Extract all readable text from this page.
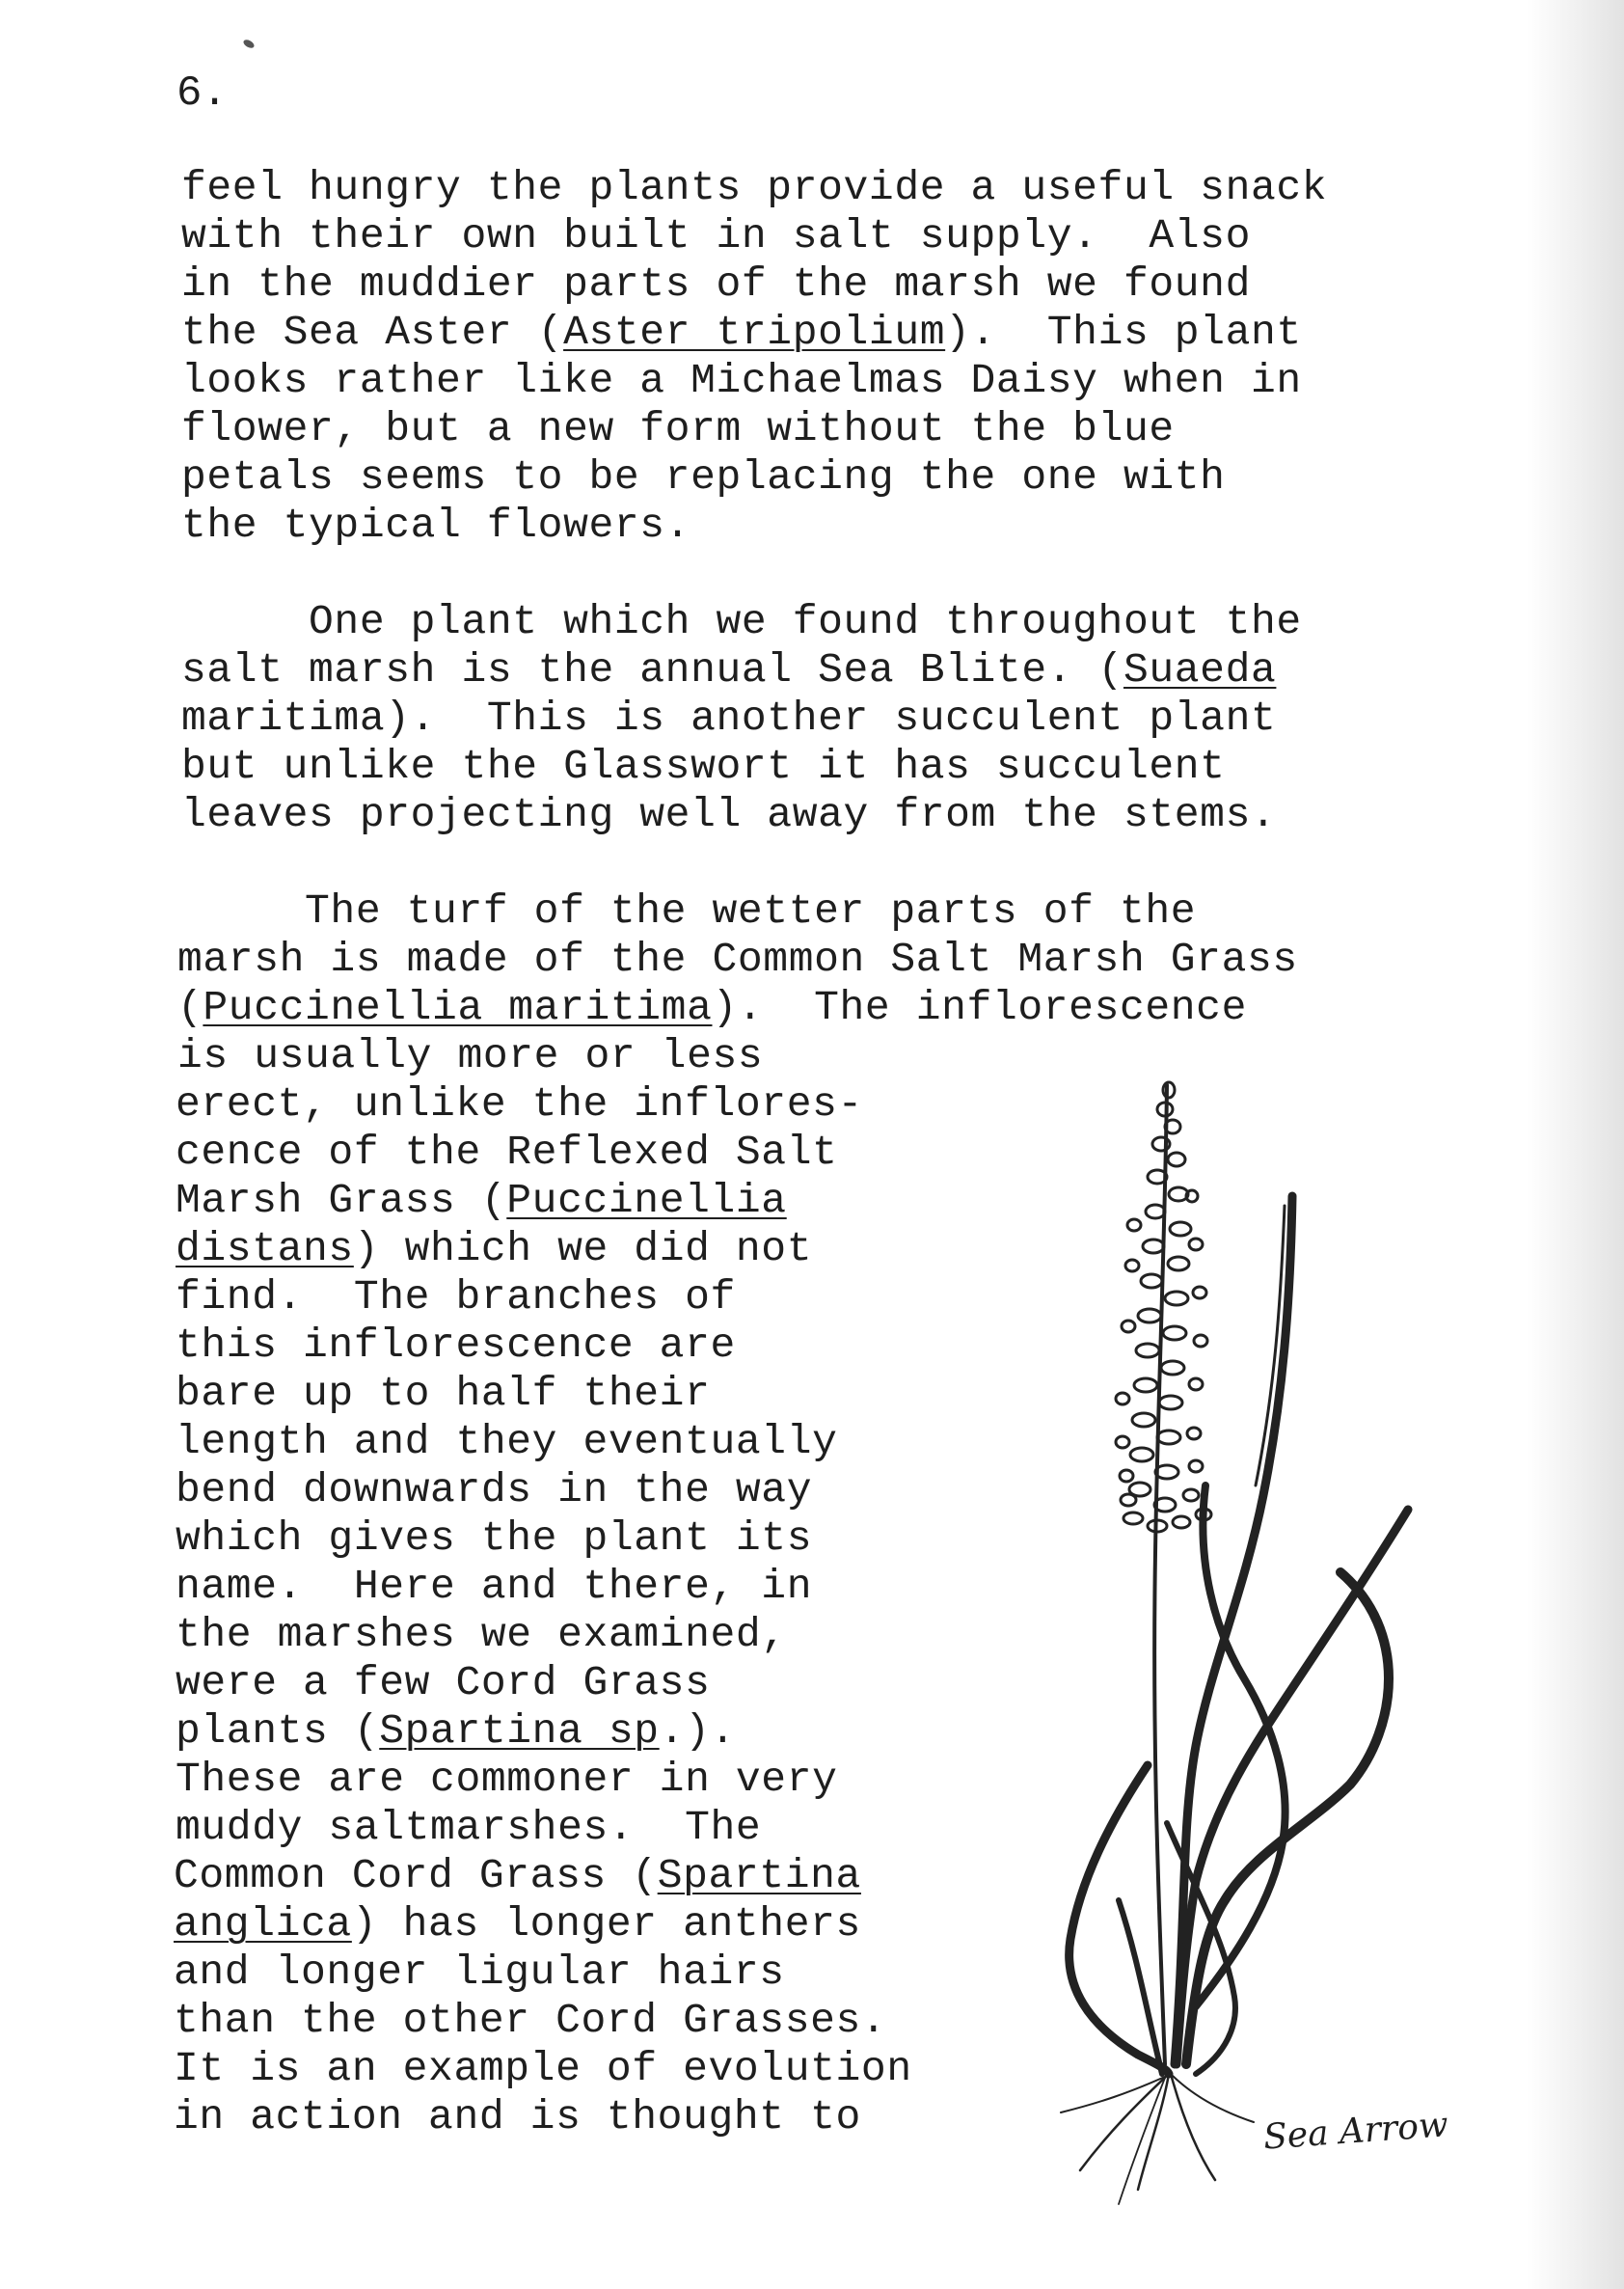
6.
feel hungry the plants provide a useful snack
with their own built in salt supply.  Also
in the muddier parts of the marsh we found
the Sea Aster (Aster tripolium).  This plant
looks rather like a Michaelmas Daisy when in
flower, but a new form without the blue
petals seems to be replacing the one with
the typical flowers.
One plant which we found throughout the
salt marsh is the annual Sea Blite. (Suaeda
maritima).  This is another succulent plant
but unlike the Glasswort it has succulent
leaves projecting well away from the stems.
The turf of the wetter parts of the
marsh is made of the Common Salt Marsh Grass
(Puccinellia maritima).  The inflorescence
is usually more or less
erect, unlike the inflores-
cence of the Reflexed Salt
Marsh Grass (Puccinellia
distans) which we did not
find.  The branches of
this inflorescence are
bare up to half their
length and they eventually
bend downwards in the way
which gives the plant its
name.  Here and there, in
the marshes we examined,
were a few Cord Grass
plants (Spartina sp.).
These are commoner in very
muddy saltmarshes.  The
Common Cord Grass (Spartina
anglica) has longer anthers
and longer ligular hairs
than the other Cord Grasses.
It is an example of evolution
in action and is thought to	Sea Arrow
